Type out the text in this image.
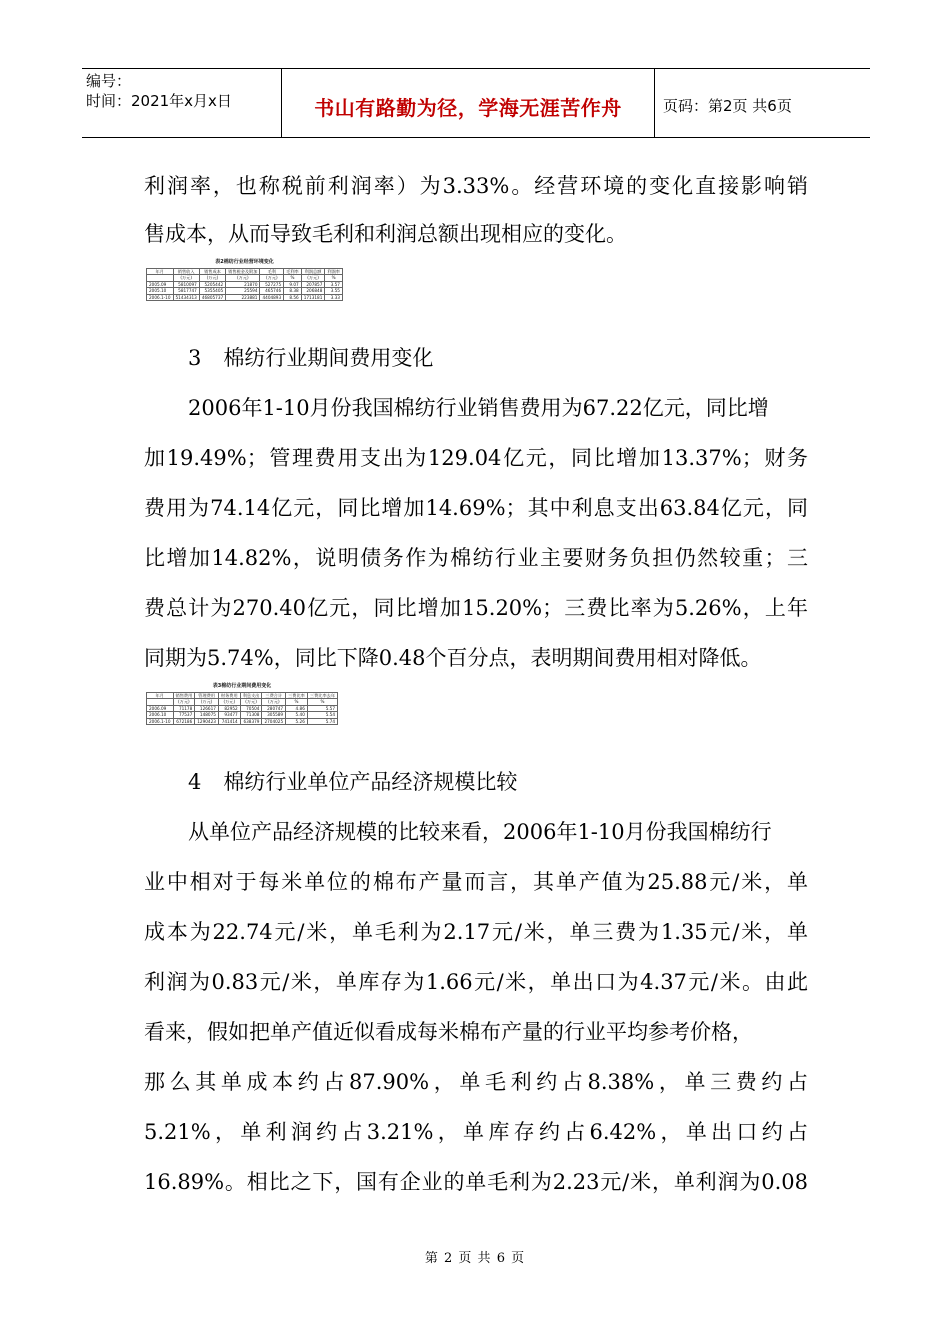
编号：
时间：2021年x月x日	书山有路勤为径，学海无涯苦作舟	页码：第2页 共6页
利润率，也称税前利润率）为3.33%。经营环境的变化直接影响销
售成本，从而导致毛利和利润总额出现相应的变化。
表2棉纺行业经营环境变化
年月	销售收入	销售成本	销售税金及附加	毛利	毛利率	利润总额	利润率
	(万元)	(万元)	(万元)	(万元)	%	(万元)	%
2005.09	5810097	5205442	21870	527275	9.07	207857	3.57
2005.10	5817747	5355405	25594	465746	8.38	206848	3.55
2006.1-10	51434313	46805737	223881	4404893	8.56	1713181	3.33
3 棉纺行业期间费用变化
2006年1-10月份我国棉纺行业销售费用为67.22亿元，同比增
加19.49%；管理费用支出为129.04亿元，同比增加13.37%；财务
费用为74.14亿元，同比增加14.69%；其中利息支出63.84亿元，同
比增加14.82%，说明债务作为棉纺行业主要财务负担仍然较重；三
费总计为270.40亿元，同比增加15.20%；三费比率为5.26%，上年
同期为5.74%，同比下降0.48个百分点，表明期间费用相对降低。
表3棉纺行业期间费用变化
年月	销售费用	管理费用	财务费用	利息支出	三费合计	三费比率	三费比率去年
	(万元)	(万元)	(万元)	(万元)	(万元)	%	%
2006.09	71178	126617	82952	70504	280747	4.86	5.57
2006.10	77537	148075	93477	71308	305589	5.40	5.54
2006.1-10	672186	1290423	741414	638379	2704025	5.26	5.74
4 棉纺行业单位产品经济规模比较
从单位产品经济规模的比较来看，2006年1-10月份我国棉纺行
业中相对于每米单位的棉布产量而言，其单产值为25.88元/米，单
成本为22.74元/米，单毛利为2.17元/米，单三费为1.35元/米，单
利润为0.83元/米，单库存为1.66元/米，单出口为4.37元/米。由此
看来，假如把单产值近似看成每米棉布产量的行业平均参考价格，
那么其单成本约占87.90%，单毛利约占8.38%，单三费约占
5.21%，单利润约占3.21%，单库存约占6.42%，单出口约占
16.89%。相比之下，国有企业的单毛利为2.23元/米，单利润为0.08
第 2 页 共 6 页
